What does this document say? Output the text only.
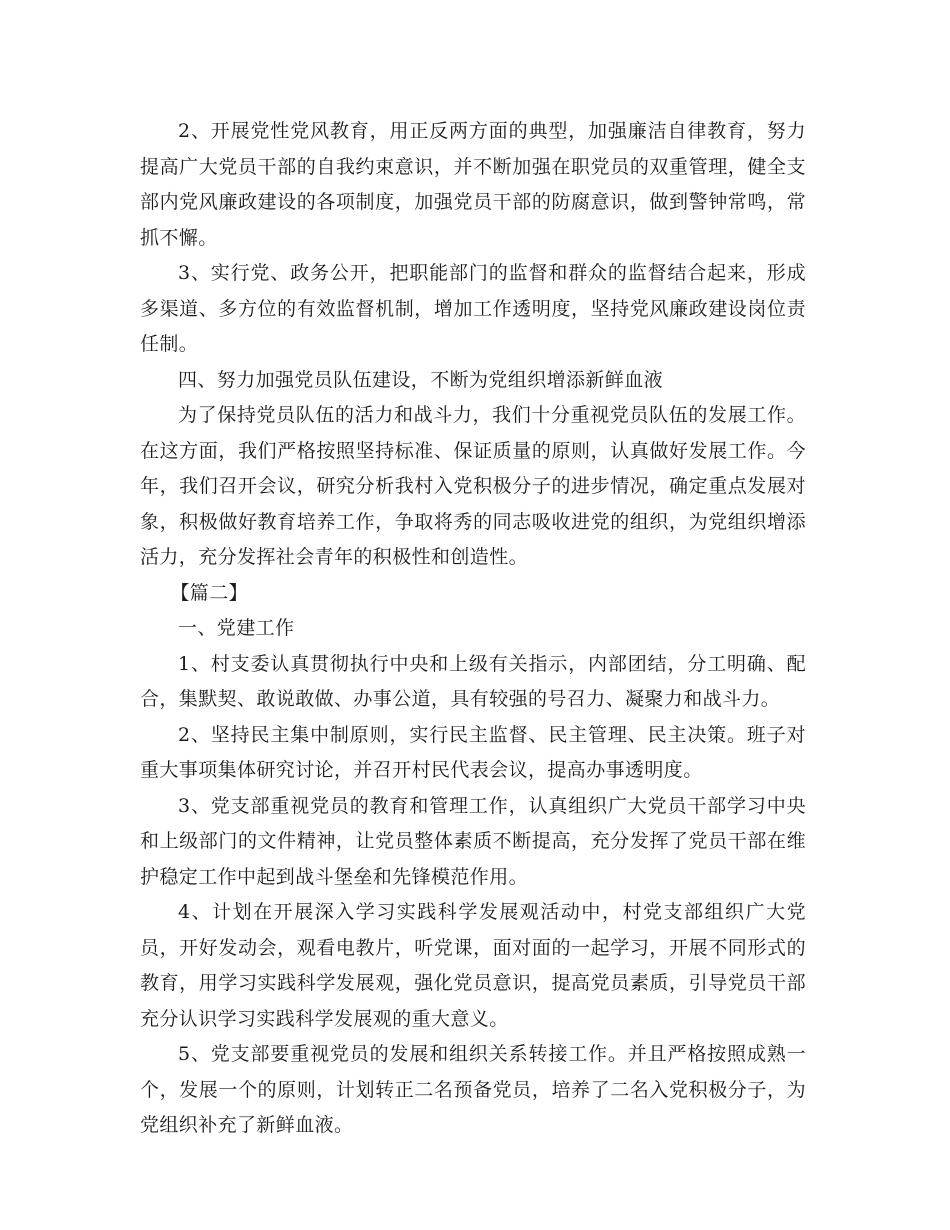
2、开展党性党风教育，用正反两方面的典型，加强廉洁自律教育，努力提高广大党员干部的自我约束意识，并不断加强在职党员的双重管理，健全支部内党风廉政建设的各项制度，加强党员干部的防腐意识，做到警钟常鸣，常抓不懈。

3、实行党、政务公开，把职能部门的监督和群众的监督结合起来，形成多渠道、多方位的有效监督机制，增加工作透明度，坚持党风廉政建设岗位责任制。

四、努力加强党员队伍建设，不断为党组织增添新鲜血液

为了保持党员队伍的活力和战斗力，我们十分重视党员队伍的发展工作。在这方面，我们严格按照坚持标准、保证质量的原则，认真做好发展工作。今年，我们召开会议，研究分析我村入党积极分子的进步情况，确定重点发展对象，积极做好教育培养工作，争取将秀的同志吸收进党的组织，为党组织增添活力，充分发挥社会青年的积极性和创造性。

【篇二】

一、党建工作

1、村支委认真贯彻执行中央和上级有关指示，内部团结，分工明确、配合，集默契、敢说敢做、办事公道，具有较强的号召力、凝聚力和战斗力。

2、坚持民主集中制原则，实行民主监督、民主管理、民主决策。班子对重大事项集体研究讨论，并召开村民代表会议，提高办事透明度。

3、党支部重视党员的教育和管理工作，认真组织广大党员干部学习中央和上级部门的文件精神，让党员整体素质不断提高，充分发挥了党员干部在维护稳定工作中起到战斗堡垒和先锋模范作用。

4、计划在开展深入学习实践科学发展观活动中，村党支部组织广大党员，开好发动会，观看电教片，听党课，面对面的一起学习，开展不同形式的教育，用学习实践科学发展观，强化党员意识，提高党员素质，引导党员干部充分认识学习实践科学发展观的重大意义。

5、党支部要重视党员的发展和组织关系转接工作。并且严格按照成熟一个，发展一个的原则，计划转正二名预备党员，培养了二名入党积极分子，为党组织补充了新鲜血液。
